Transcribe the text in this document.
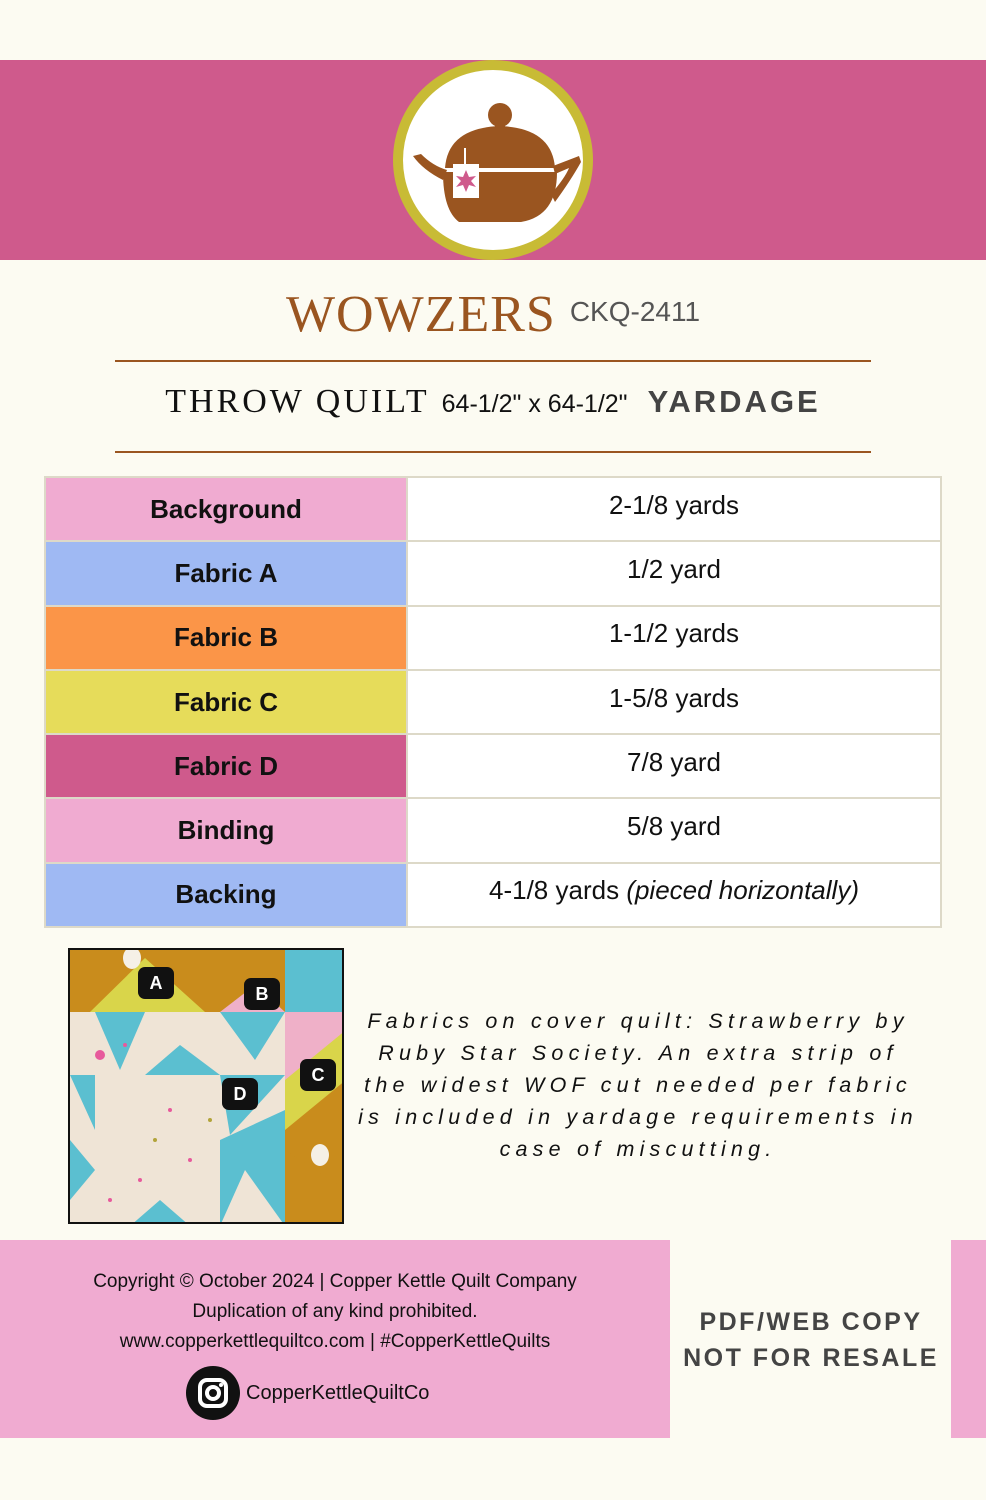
WOWZERS CKQ-2411
THROW QUILT 64-1/2" x 64-1/2" YARDAGE
Background	2-1/8 yards
Fabric A	1/2 yard
Fabric B	1-1/2 yards
Fabric C	1-5/8 yards
Fabric D	7/8 yard
Binding	5/8 yard
Backing	4-1/8 yards (pieced horizontally)
A
B
C
D
Fabrics on cover quilt: Strawberry by Ruby Star Society. An extra strip of the widest WOF cut needed per fabric is included in yardage requirements in case of miscutting.
Copyright © October 2024 | Copper Kettle Quilt Company
Duplication of any kind prohibited.
www.copperkettlequiltco.com | #CopperKettleQuilts
CopperKettleQuiltCo
PDF/WEB COPY
NOT FOR RESALE
